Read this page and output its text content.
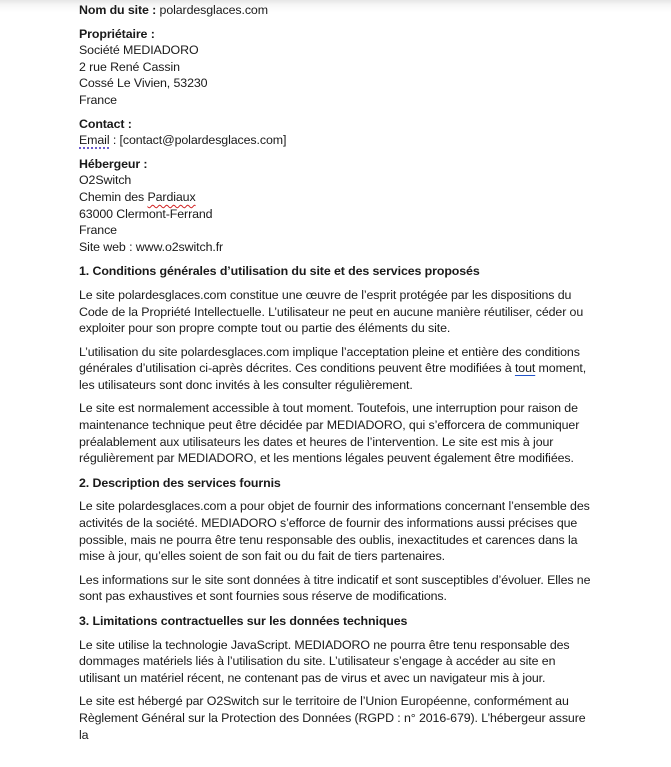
Nom du site : polardesglaces.com

Propriétaire :
Société MEDIADORO
2 rue René Cassin
Cossé Le Vivien, 53230
France
Contact :
Email : [contact@polardesglaces.com]
Hébergeur :
O2Switch
Chemin des Pardiaux
63000 Clermont-Ferrand
France
Site web : www.o2switch.fr

1. Conditions générales d’utilisation du site et des services proposés

Le site polardesglaces.com constitue une œuvre de l’esprit protégée par les dispositions du Code de la Propriété Intellectuelle. L’utilisateur ne peut en aucune manière réutiliser, céder ou exploiter pour son propre compte tout ou partie des éléments du site.

L’utilisation du site polardesglaces.com implique l’acceptation pleine et entière des conditions générales d’utilisation ci-après décrites. Ces conditions peuvent être modifiées à tout moment, les utilisateurs sont donc invités à les consulter régulièrement.

Le site est normalement accessible à tout moment. Toutefois, une interruption pour raison de maintenance technique peut être décidée par MEDIADORO, qui s’efforcera de communiquer préalablement aux utilisateurs les dates et heures de l’intervention. Le site est mis à jour régulièrement par MEDIADORO, et les mentions légales peuvent également être modifiées.

2. Description des services fournis

Le site polardesglaces.com a pour objet de fournir des informations concernant l’ensemble des activités de la société. MEDIADORO s’efforce de fournir des informations aussi précises que possible, mais ne pourra être tenu responsable des oublis, inexactitudes et carences dans la mise à jour, qu’elles soient de son fait ou du fait de tiers partenaires.

Les informations sur le site sont données à titre indicatif et sont susceptibles d’évoluer. Elles ne sont pas exhaustives et sont fournies sous réserve de modifications.

3. Limitations contractuelles sur les données techniques

Le site utilise la technologie JavaScript. MEDIADORO ne pourra être tenu responsable des dommages matériels liés à l’utilisation du site. L’utilisateur s’engage à accéder au site en utilisant un matériel récent, ne contenant pas de virus et avec un navigateur mis à jour.

Le site est hébergé par O2Switch sur le territoire de l’Union Européenne, conformément au Règlement Général sur la Protection des Données (RGPD : n° 2016-679). L’hébergeur assure la
